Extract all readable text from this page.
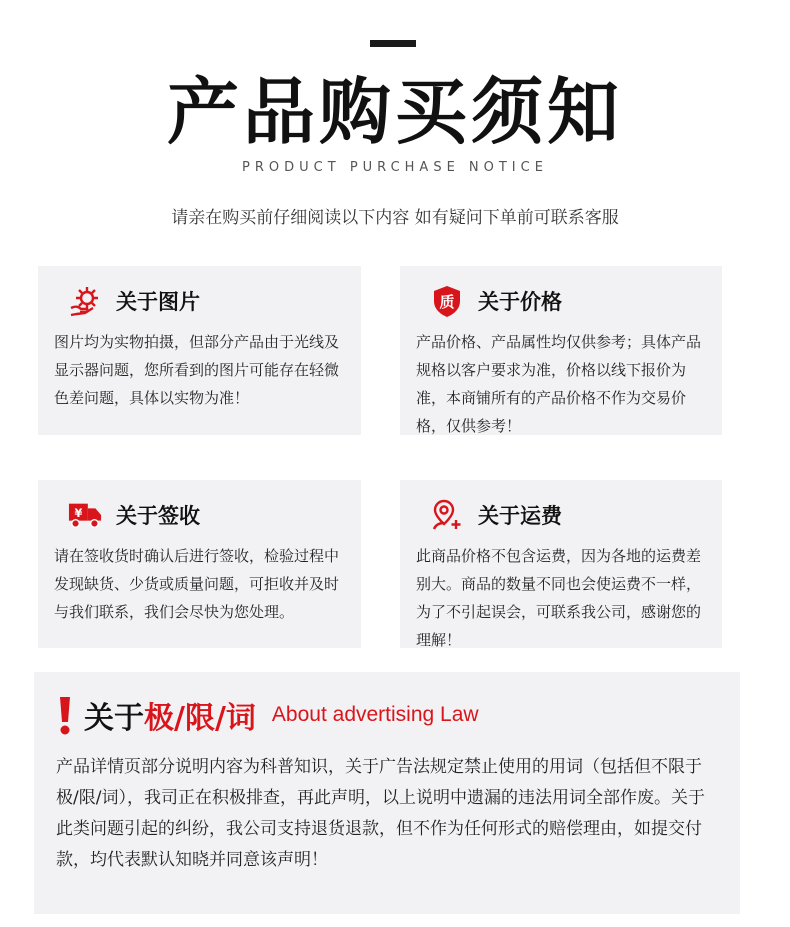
产品购买须知
PRODUCT PURCHASE NOTICE
请亲在购买前仔细阅读以下内容 如有疑问下单前可联系客服
关于图片
图片均为实物拍摄，但部分产品由于光线及显示器问题，您所看到的图片可能存在轻微色差问题，具体以实物为准！
质 关于价格
产品价格、产品属性均仅供参考；具体产品规格以客户要求为准，价格以线下报价为准，本商铺所有的产品价格不作为交易价格，仅供参考！
¥ 关于签收
请在签收货时确认后进行签收，检验过程中发现缺货、少货或质量问题，可拒收并及时与我们联系，我们会尽快为您处理。
关于运费
此商品价格不包含运费，因为各地的运费差别大。商品的数量不同也会使运费不一样，为了不引起误会，可联系我公司，感谢您的理解！
关于 极/限/词 About advertising Law
产品详情页部分说明内容为科普知识，关于广告法规定禁止使用的用词（包括但不限于极/限/词），我司正在积极排查，再此声明，以上说明中遗漏的违法用词全部作废。关于此类问题引起的纠纷，我公司支持退货退款，但不作为任何形式的赔偿理由，如提交付款，均代表默认知晓并同意该声明！
